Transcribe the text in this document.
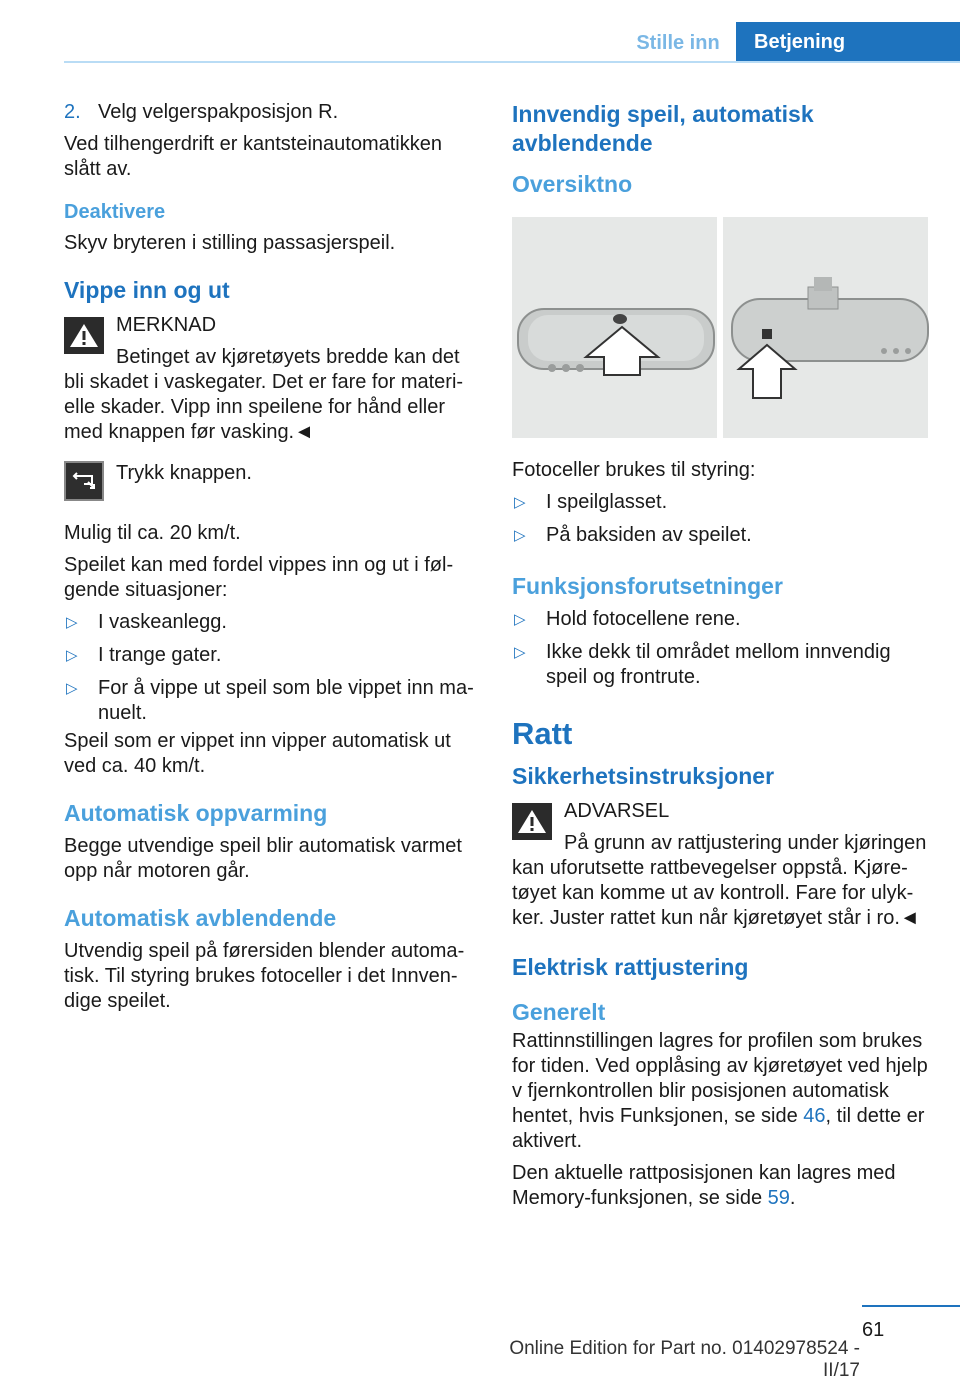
Stille inn	Betjening
2. Velg velgerspakposisjon R.

Ved tilhengerdrift er kantsteinautomatikken slått av.

Deaktivere

Skyv bryteren i stilling passasjerspeil.

Vippe inn og ut
MERKNAD
Betinget av kjøretøyets bredde kan det bli skadet i vaskegater. Det er fare for materielle skader. Vipp inn speilene for hånd eller med knappen før vasking.◄
Trykk knappen.

Mulig til ca. 20 km/t.

Speilet kan med fordel vippes inn og ut i følgende situasjoner:

▷	I vaskeanlegg.
▷	I trange gater.
▷	For å vippe ut speil som ble vippet inn manuelt.

Speil som er vippet inn vipper automatisk ut ved ca. 40 km/t.

Automatisk oppvarming

Begge utvendige speil blir automatisk varmet opp når motoren går.

Automatisk avblendende

Utvendig speil på førersiden blender automatisk. Til styring brukes fotoceller i det Innvendige speilet.

Innvendig speil, automatisk avblendende
Oversiktno

Fotoceller brukes til styring:

▷	I speilglasset.
▷	På baksiden av speilet.
Funksjonsforutsetninger
▷	Hold fotocellene rene.
▷	Ikke dekk til området mellom innvendig speil og frontrute.
Ratt
Sikkerhetsinstruksjoner
ADVARSEL
På grunn av rattjustering under kjøringen kan uforutsette rattbevegelser oppstå. Kjøretøyet kan komme ut av kontroll. Fare for ulykker. Juster rattet kun når kjøretøyet står i ro.◄
Elektrisk rattjustering
Generelt

Rattinnstillingen lagres for profilen som brukes for tiden. Ved opplåsing av kjøretøyet ved hjelp v fjernkontrollen blir posisjonen automatisk hentet, hvis Funksjonen, se side 46, til dette er aktivert.

Den aktuelle rattposisjonen kan lagres med Memory-funksjonen, se side 59.

61
Online Edition for Part no. 01402978524 - II/17
